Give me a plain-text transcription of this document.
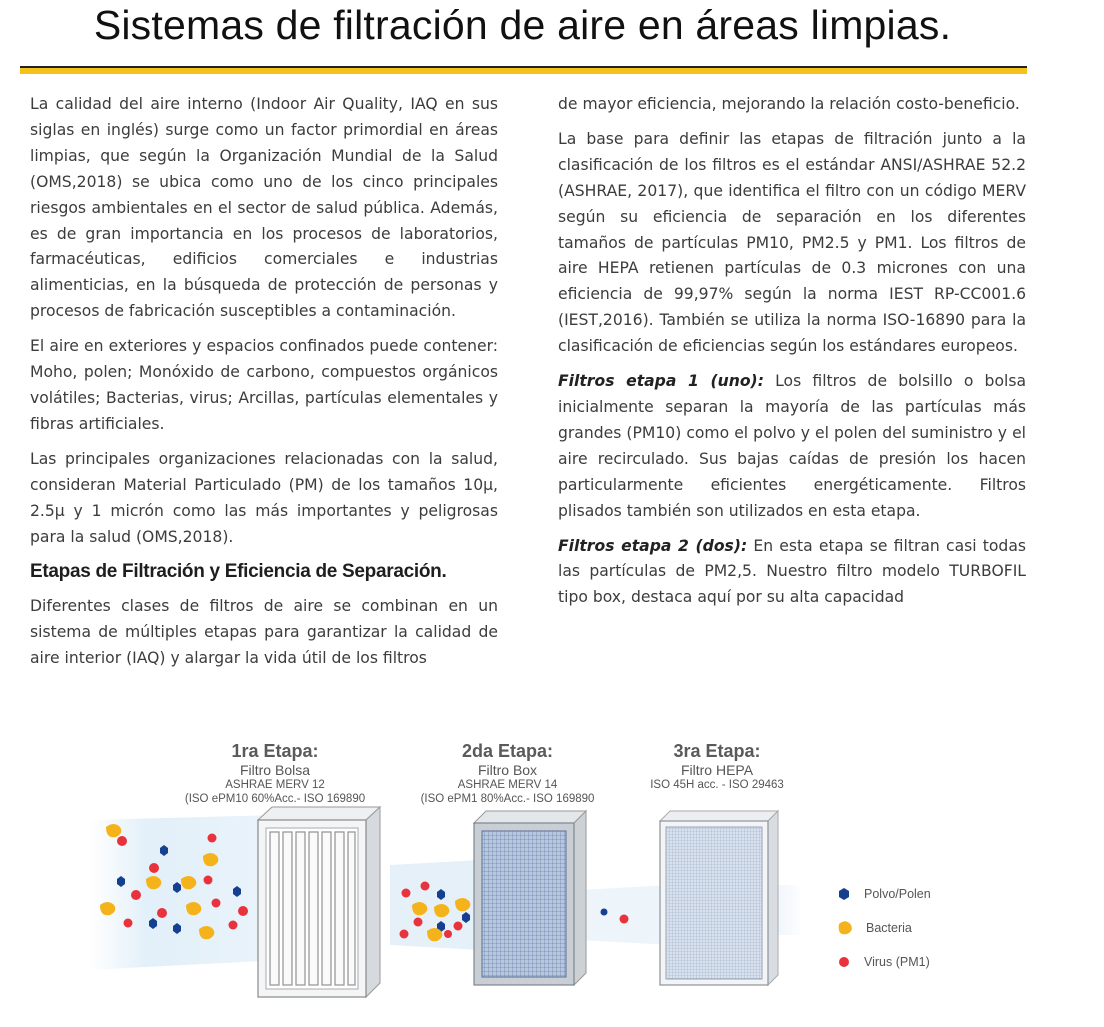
Sistemas de filtración de aire en áreas limpias.

La calidad del aire interno (Indoor Air Quality, IAQ en sus siglas en inglés) surge como un factor primordial en áreas limpias, que según la Organización Mundial de la Salud (OMS,2018) se ubica como uno de los cinco principales riesgos ambientales en el sector de salud pública. Además, es de gran importancia en los procesos de laboratorios, farmacéuticas, edificios comerciales e industrias alimenticias, en la búsqueda de protección de personas y procesos de fabricación susceptibles a contaminación.

El aire en exteriores y espacios confinados puede contener: Moho, polen; Monóxido de carbono, compuestos orgánicos volátiles; Bacterias, virus; Arcillas, partículas elementales y fibras artificiales.

Las principales organizaciones relacionadas con la salud, consideran Material Particulado (PM) de los tamaños 10µ, 2.5µ y 1 micrón como las más importantes y peligrosas para la salud (OMS,2018).

Etapas de Filtración y Eficiencia de Separación.

Diferentes clases de filtros de aire se combinan en un sistema de múltiples etapas para garantizar la calidad de aire interior (IAQ) y alargar la vida útil de los filtros

de mayor eficiencia, mejorando la relación costo-beneficio.

La base para definir las etapas de filtración junto a la clasificación de los filtros es el estándar ANSI/ASHRAE 52.2 (ASHRAE, 2017), que identifica el filtro con un código MERV según su eficiencia de separación en los diferentes tamaños de partículas PM10, PM2.5 y PM1. Los filtros de aire HEPA retienen partículas de 0.3 micrones con una eficiencia de 99,97% según la norma IEST RP-CC001.6 (IEST,2016). También se utiliza la norma ISO-16890 para la clasificación de eficiencias según los estándares europeos.

Filtros etapa 1 (uno): Los filtros de bolsillo o bolsa inicialmente separan la mayoría de las partículas más grandes (PM10) como el polvo y el polen del suministro y el aire recirculado. Sus bajas caídas de presión los hacen particularmente eficientes energéticamente. Filtros plisados también son utilizados en esta etapa.

Filtros etapa 2 (dos): En esta etapa se filtran casi todas las partículas de PM2,5. Nuestro filtro modelo TURBOFIL tipo box, destaca aquí por su alta capacidad

1ra Etapa:
Filtro Bolsa
ASHRAE MERV 12
(ISO ePM10 60%Acc.- ISO 169890
2da Etapa:
Filtro Box
ASHRAE MERV 14
(ISO ePM1 80%Acc.- ISO 169890
3ra Etapa:
Filtro HEPA
ISO 45H acc. - ISO 29463
Polvo/Polen
Bacteria
Virus (PM1)
